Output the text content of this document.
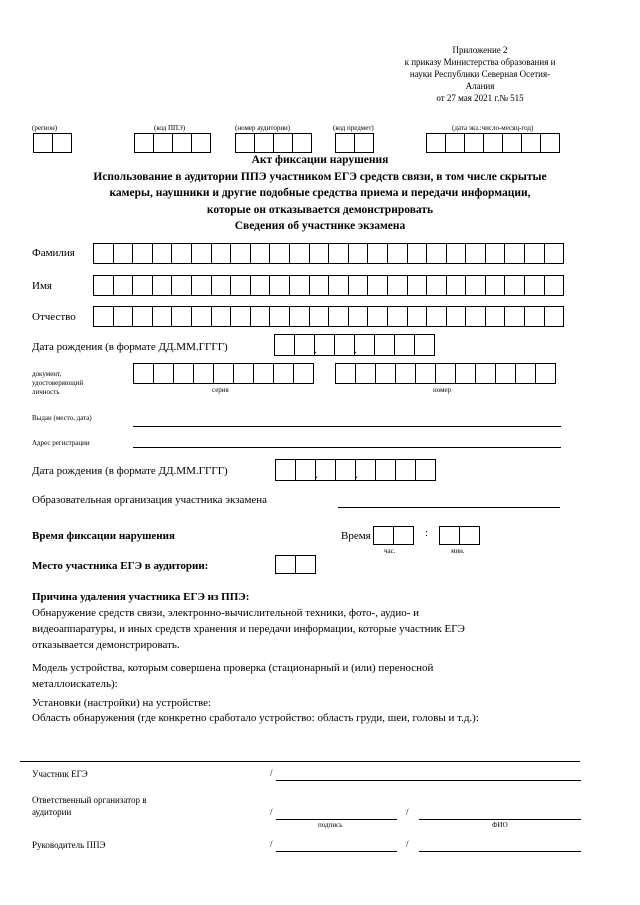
Приложение 2
к приказу Министерства образования и
науки Республики Северная Осетия-
Алания
от 27 мая 2021 г.№ 515
(регион)	(код ППЭ)	(номер аудитории)	(код предмет)	(дата экз.:число-месяц-год)
Акт фиксации нарушения
Использование в аудитории ППЭ участником ЕГЭ средств связи, в том числе скрытые
камеры, наушники и другие подобные средства приема и передачи информации,
которые он отказывается демонстрировать
Сведения об участнике экзамена
Фамилия
Имя
Отчество
Дата рождения (в формате ДД.ММ.ГГГГ)	.	.
документ,
удостоверяющий
личность	серия	номер
Выдан (место, дата)
Адрес регистрации
Дата рождения (в формате ДД.ММ.ГГГГ)	.	.
Образовательная организация участника экзамена
Время фиксации нарушения	Время	:
час.	мин.
Место участника ЕГЭ в аудитории:
Причина удаления участника ЕГЭ из ППЭ:
Обнаружение средств связи, электронно-вычислительной техники, фото-, аудио- и
видеоаппаратуры, и иных средств хранения и передачи информации, которые участник ЕГЭ
отказывается демонстрировать.
Модель устройства, которым совершена проверка (стационарный и (или) переносной
металлоискатель):
Установки (настройки) на устройстве:
Область обнаружения (где конкретно сработало устройство: область груди, шеи, головы и т.д.):
Участник ЕГЭ	/
Ответственный организатор в
аудитории	/	/
подпись	ФИО
Руководитель ППЭ	/	/
